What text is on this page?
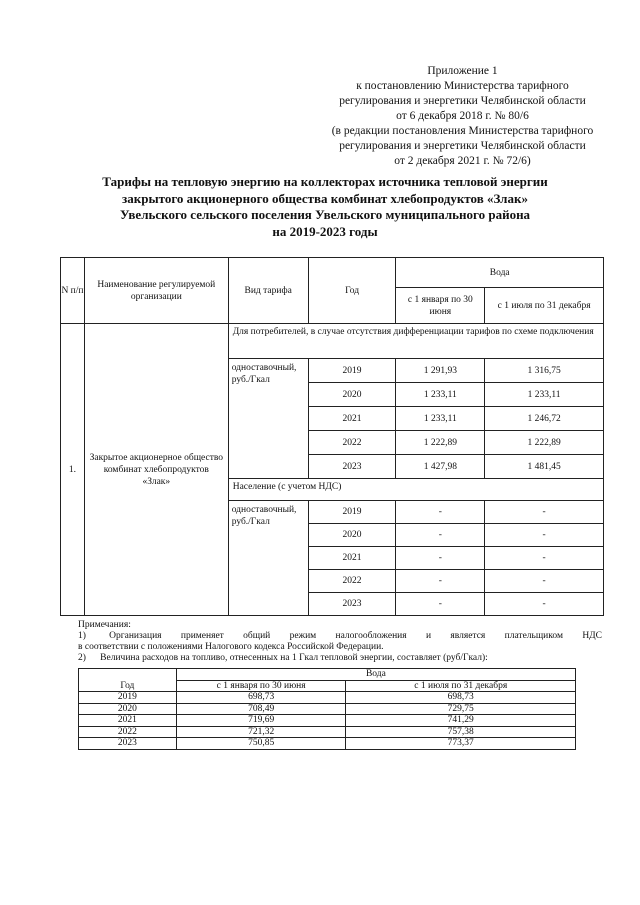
Приложение 1
к постановлению Министерства тарифного
регулирования и энергетики Челябинской области
от 6 декабря 2018 г. № 80/6
(в редакции постановления Министерства тарифного
регулирования и энергетики Челябинской области
от 2 декабря 2021 г. № 72/6)
Тарифы на тепловую энергию на коллекторах источника тепловой энергии
закрытого акционерного общества комбинат хлебопродуктов «Злак»
Увельского сельского поселения Увельского муниципального района
на 2019-2023 годы
N п/п	Наименование регулируемой организации	Вид тарифа	Год	Вода	
				с 1 января по 30 июня	с 1 июля по 31 декабря
1.	Закрытое акционерное общество комбинат хлебопродуктов «Злак»	Для потребителей, в случае отсутствия дифференциации тарифов по схеме подключения			
		одноставочный, руб./Гкал	2019	1 291,93	1 316,75
			2020	1 233,11	1 233,11
			2021	1 233,11	1 246,72
			2022	1 222,89	1 222,89
			2023	1 427,98	1 481,45
		Население (с учетом НДС)			
		одноставочный, руб./Гкал	2019	-	-
			2020	-	-
			2021	-	-
			2022	-	-
			2023	-	-

Примечания:

1)      Организация     применяет     общий     режим     налогообложения     и     является     плательщиком     НДС

в соответствии с положениями Налогового кодекса Российской Федерации.

2)      Величина расходов на топливо, отнесенных на 1 Гкал тепловой энергии, составляет (руб/Гкал):

	Вода	

Год	с 1 января по 30 июня	с 1 июля по 31 декабря
2019	698,73	698,73
2020	708,49	729,75
2021	719,69	741,29
2022	721,32	757,38
2023	750,85	773,37
